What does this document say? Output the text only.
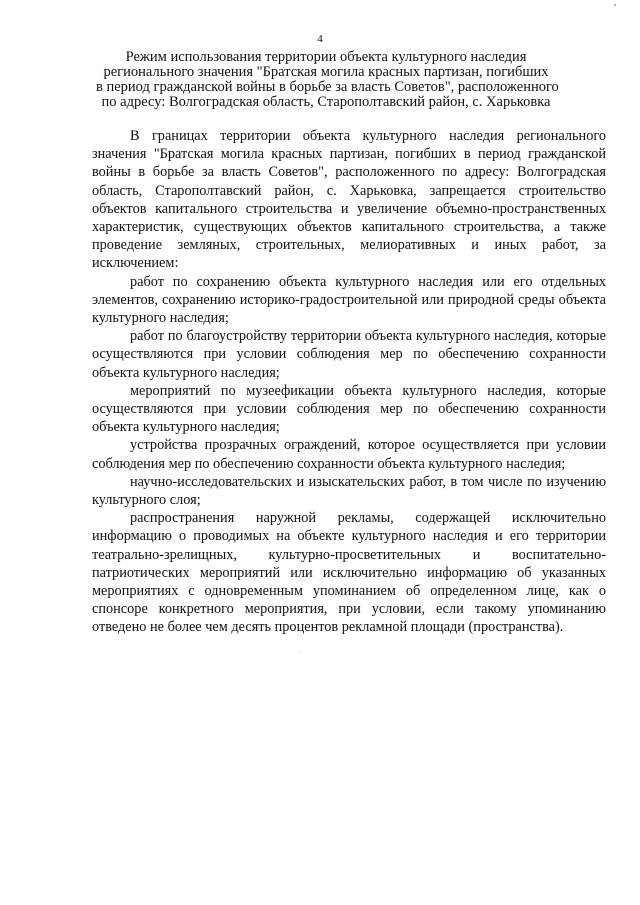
4
Режим использования территории объекта культурного наследия
регионального значения "Братская могила красных партизан, погибших
в период гражданской войны в борьбе за власть Советов", расположенного
по адресу: Волгоградская область, Старополтавский район, с. Харьковка

В границах территории объекта культурного наследия регионального значения "Братская могила красных партизан, погибших в период гражданской войны в борьбе за власть Советов", расположенного по адресу: Волгоградская область, Старополтавский район, с. Харьковка, запрещается строительство объектов капитального строительства и увеличение объемно-пространственных характеристик, существующих объектов капитального строительства, а также проведение земляных, строительных, мелиоративных и иных работ, за исключением:

работ по сохранению объекта культурного наследия или его отдельных элементов, сохранению историко-градостроительной или природной среды объекта культурного наследия;

работ по благоустройству территории объекта культурного наследия, которые осуществляются при условии соблюдения мер по обеспечению сохранности объекта культурного наследия;

мероприятий по музеефикации объекта культурного наследия, которые осуществляются при условии соблюдения мер по обеспечению сохранности объекта культурного наследия;

устройства прозрачных ограждений, которое осуществляется при условии соблюдения мер по обеспечению сохранности объекта культурного наследия;

научно-исследовательских и изыскательских работ, в том числе по изучению культурного слоя;

распространения наружной рекламы, содержащей исключительно информацию о проводимых на объекте культурного наследия и его территории театрально-зрелищных, культурно-просветительных и воспитательно-патриотических мероприятий или исключительно информацию об указанных мероприятиях с одновременным упоминанием об определенном лице, как о спонсоре конкретного мероприятия, при условии, если такому упоминанию отведено не более чем десять процентов рекламной площади (пространства).
